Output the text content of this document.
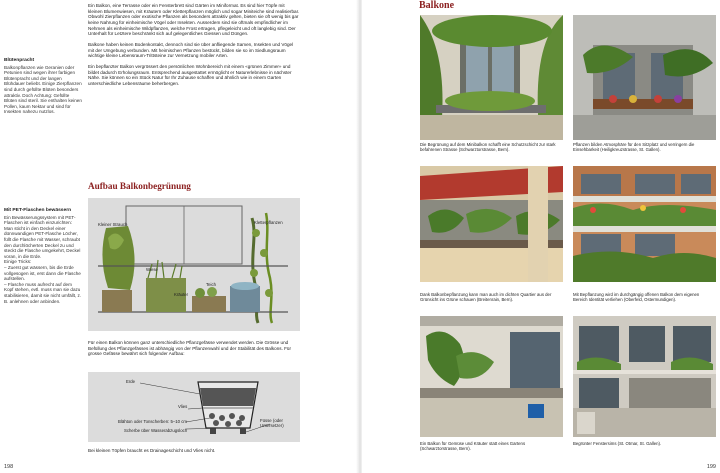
Blütenpracht

Balkonpflanzen wie Geranien oder Petunien sind wegen ihrer farbigen Blütenpracht und der langen Blühdauer beliebt. Einige Zierpflanzen sind durch gefüllte Blüten besonders attraktiv. Doch Achtung: Gefüllte Blüten sind steril. Sie enthalten keinen Pollen, kaum Nektar und sind für Insekten nahezu nutzlos.

Mit PET-Flaschen bewässern

Ein Bewässerungssystem mit PET-Flaschen ist einfach einzurichten: Man sticht in den Deckel einer dünnwandigen PET-Flasche Löcher, füllt die Flasche mit Wasser, schraubt den durchlöcherten Deckel zu und steckt die Flasche umgekehrt, Deckel voran, in die Erde.

Einige Tricks:

– Zuerst gut wässern, bis die Erde vollgesogen ist, erst dann die Flasche aufstellen.

– Flasche muss aufrecht auf dem Kopf stehen, evtl. muss man sie dazu stabilisieren, damit sie nicht umfällt, z. B. anlehnen oder anbinden.

Ein Balkon, eine Terrasse oder ein Fensterbrett sind Gärten im Miniformat. Es sind hier Töpfe mit kleinen Blumenwiesen, mit Kräutern oder Kletterpflanzen möglich und sogar Miniteiche sind realisierbar. Obwohl Zierpflanzen oder exotische Pflanzen als besonders attraktiv gelten, bieten sie oft wenig bis gar keine Nahrung für einheimische Vögel oder Insekten. Ausserdem sind sie oftmals empfindlicher im Nehmen als einheimische Wildpflanzen, welche Frost ertragen, pflegeleicht und oft langlebig sind. Der Unterhalt für Letztere beschränkt sich auf gelegentliches Giessen und Düngen.

Balkone haben keinen Bodenkontakt, dennoch sind sie über anfliegende Samen, Insekten und Vögel mit der Umgebung verbunden. Mit heimischen Pflanzen bestückt, bilden sie so im Siedlungsraum wichtige kleine Lebensraum-Trittsteine zur Vernetzung mobiler Arten.

Ein bepflanzter Balkon vergrössert den persönlichen Wohnbereich mit einem «grünen Zimmer» und bildet dadurch Erholungsraum. Entsprechend ausgestattet ermöglicht er Naturerlebnisse in nächster Nähe. Sie können so ein Stück Natur für Ihr Zuhause schaffen und ähnlich wie in einem Garten unterschiedliche Lebensräume beherbergen.

Aufbau Balkonbegrünung
Kleiner Strauch	Kletterpflanzen
Wiese
Teich
Kräuter
Für einen Balkon können ganz unterschiedliche Pflanzgefässe verwendet werden. Die Grösse und Befüllung des Pflanzgefässes ist abhängig von der Pflanzenwahl und der Stabilität des Balkons. Für grosse Gefässe bewährt sich folgender Aufbau:
Erde
Vlies
Blähton oder Tonscherben: 5–10 cm
Scherbe über Wasserabzugsloch
Füsse (oder Untersetzer)
Bei kleinen Töpfen braucht es Drainageschicht und Vlies nicht.
198
Balkone
Die Begrünung auf dem Minibalkon schafft eine Schutzschicht zur stark befahrenen Strasse (Schwarztorstrasse, Bern).
Pflanzen bilden Atmosphäre für den Sitzplatz und verringern die Einsehbarkeit (Heiligkreuzstrasse, St. Gallen).
Dank Balkonbepflanzung kann man auch im dichten Quartier aus der Grünsicht ins Grüne schauen (Breitenrain, Bern).
Mit Bepflanzung wird im durchgängig offenen Balkon dem eigenen Bereich Identität verliehen (Oberfeld, Ostermundigen).
Ein Balkon für Gemüse und Kräuter statt eines Gartens (Schwarztorstrasse, Bern).
Begrünter Fenstersims (St. Otmar, St. Gallen).
199
